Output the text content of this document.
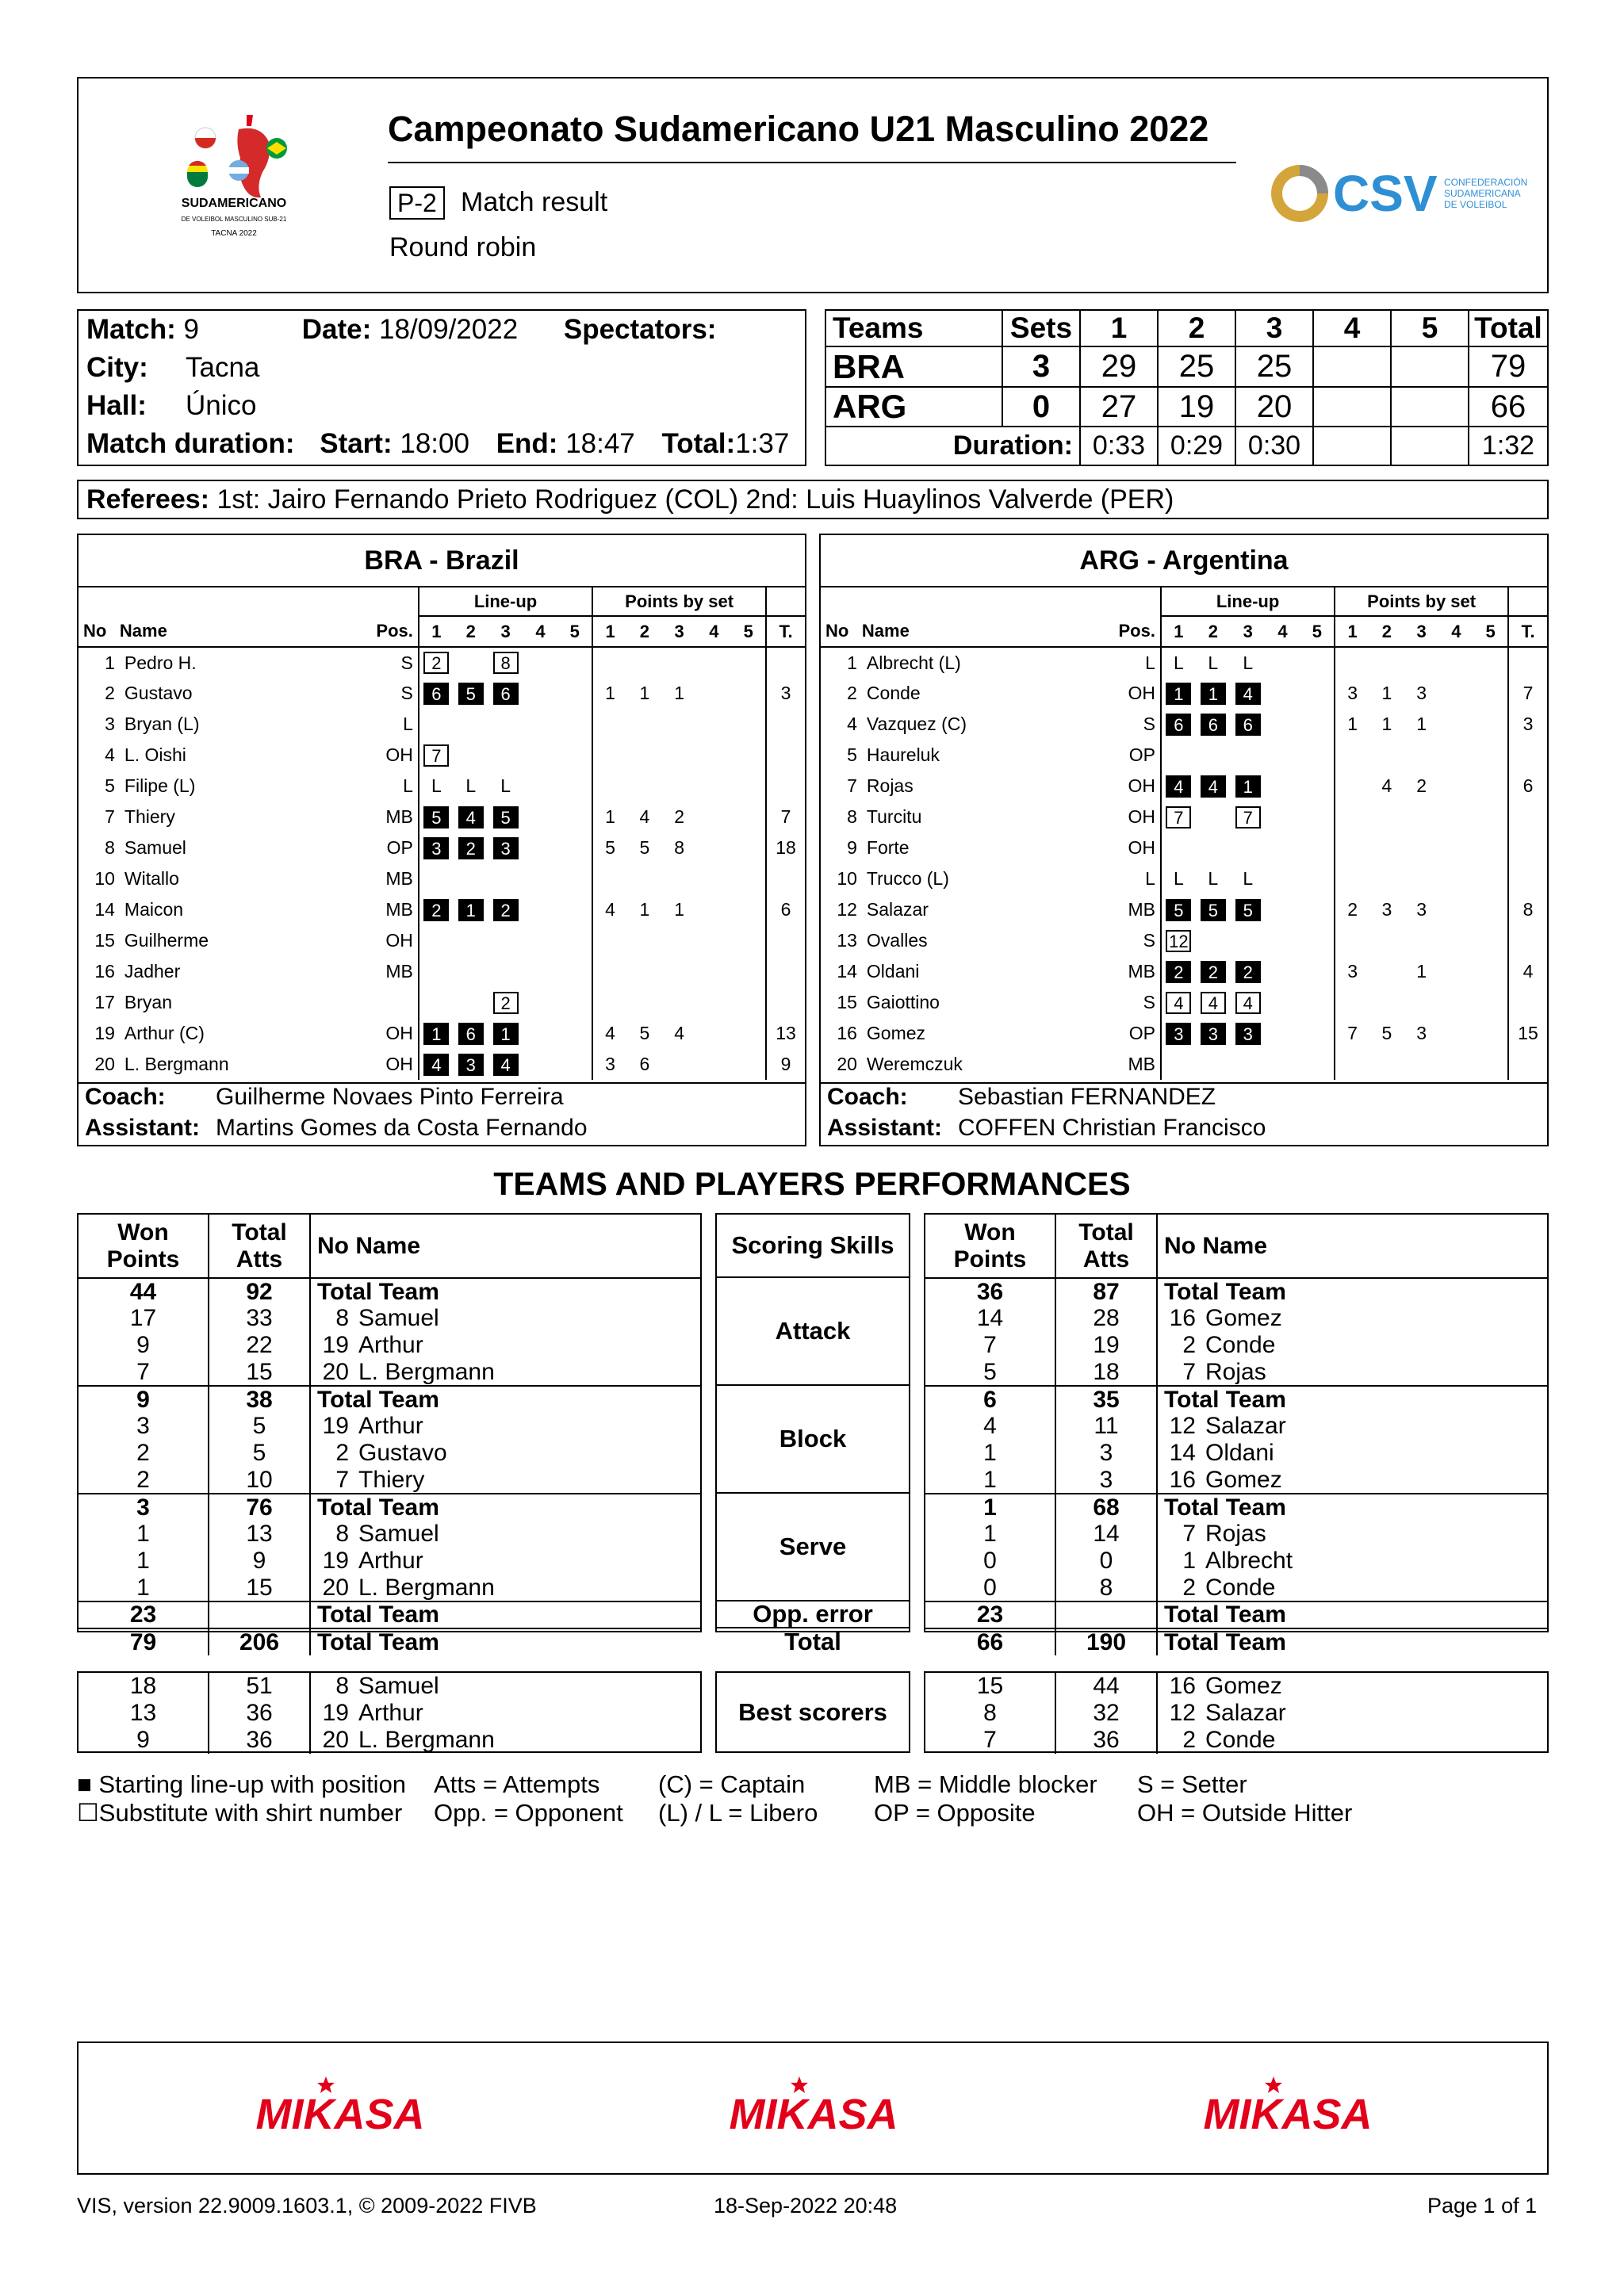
SUDAMERICANO
DE VOLEIBOL MASCULINO SUB-21
TACNA 2022
Campeonato Sudamericano U21 Masculino 2022
P-2 Match result
Round robin
CSV CONFEDERACIÓN
SUDAMERICANA
DE VOLEIBOL
Match: 9	Date: 18/09/2022 Spectators:
City: Tacna
Hall: Único
Match duration: Start: 18:00 End: 18:47 Total:1:37
Teams	Sets	1	2	3	4	5	Total
BRA	3	29	25	25			79
ARG	0	27	19	20			66
Duration:		0:33	0:29	0:30			1:32
Referees: 1st: Jairo Fernando Prieto Rodriguez (COL) 2nd: Luis Huaylinos Valverde (PER)
BRA - Brazil
			Line-up					Points by set					
No	Name	Pos.	1	2	3	4	5	1	2	3	4	5	T.
1	Pedro H.	S	2		8								
2	Gustavo	S	6	5	6			1	1	1			3
3	Bryan (L)	L											
4	L. Oishi	OH	7										
5	Filipe (L)	L	L	L	L								
7	Thiery	MB	5	4	5			1	4	2			7
8	Samuel	OP	3	2	3			5	5	8			18
10	Witallo	MB											
14	Maicon	MB	2	1	2			4	1	1			6
15	Guilherme	OH											
16	Jadher	MB											
17	Bryan				2								
19	Arthur (C)	OH	1	6	1			4	5	4			13
20	L. Bergmann	OH	4	3	4			3	6				9
Coach: Guilherme Novaes Pinto Ferreira
Assistant: Martins Gomes da Costa Fernando
ARG - Argentina
			Line-up					Points by set					
No	Name	Pos.	1	2	3	4	5	1	2	3	4	5	T.
1	Albrecht (L)	L	L	L	L								
2	Conde	OH	1	1	4			3	1	3			7
4	Vazquez (C)	S	6	6	6			1	1	1			3
5	Haureluk	OP											
7	Rojas	OH	4	4	1				4	2			6
8	Turcitu	OH	7		7								
9	Forte	OH											
10	Trucco (L)	L	L	L	L								
12	Salazar	MB	5	5	5			2	3	3			8
13	Ovalles	S	12										
14	Oldani	MB	2	2	2			3		1			4
15	Gaiottino	S	4	4	4								
16	Gomez	OP	3	3	3			7	5	3			15
20	Weremczuk	MB											
Coach: Sebastian FERNANDEZ
Assistant: COFFEN Christian Francisco
TEAMS AND PLAYERS PERFORMANCES
Won Points	Total Atts	No Name
44	92	Total Team
17	33	8 Samuel
9	22	19 Arthur
7	15	20 L. Bergmann
9	38	Total Team
3	5	19 Arthur
2	5	2 Gustavo
2	10	7 Thiery
3	76	Total Team
1	13	8 Samuel
1	9	19 Arthur
1	15	20 L. Bergmann
23		Total Team
79	206	Total Team
Scoring Skills
Attack
Block
Serve
Opp. error
Total
Won Points	Total Atts	No Name
36	87	Total Team
14	28	16 Gomez
7	19	2 Conde
5	18	7 Rojas
6	35	Total Team
4	11	12 Salazar
1	3	14 Oldani
1	3	16 Gomez
1	68	Total Team
1	14	7 Rojas
0	0	1 Albrecht
0	8	2 Conde
23		Total Team
66	190	Total Team
18	51	8 Samuel
13	36	19 Arthur
9	36	20 L. Bergmann
Best scorers
15	44	16 Gomez
8	32	12 Salazar
7	36	2 Conde
■ Starting line-up with position
☐Substitute with shirt number
Atts = Attempts
Opp. = Opponent
(C) = Captain
(L) / L = Libero
MB = Middle blocker
OP = Opposite
S = Setter
OH = Outside Hitter
MIKASA	MIKASA	MIKASA
VIS, version 22.9009.1603.1, © 2009-2022 FIVB	18-Sep-2022 20:48	Page 1 of 1
